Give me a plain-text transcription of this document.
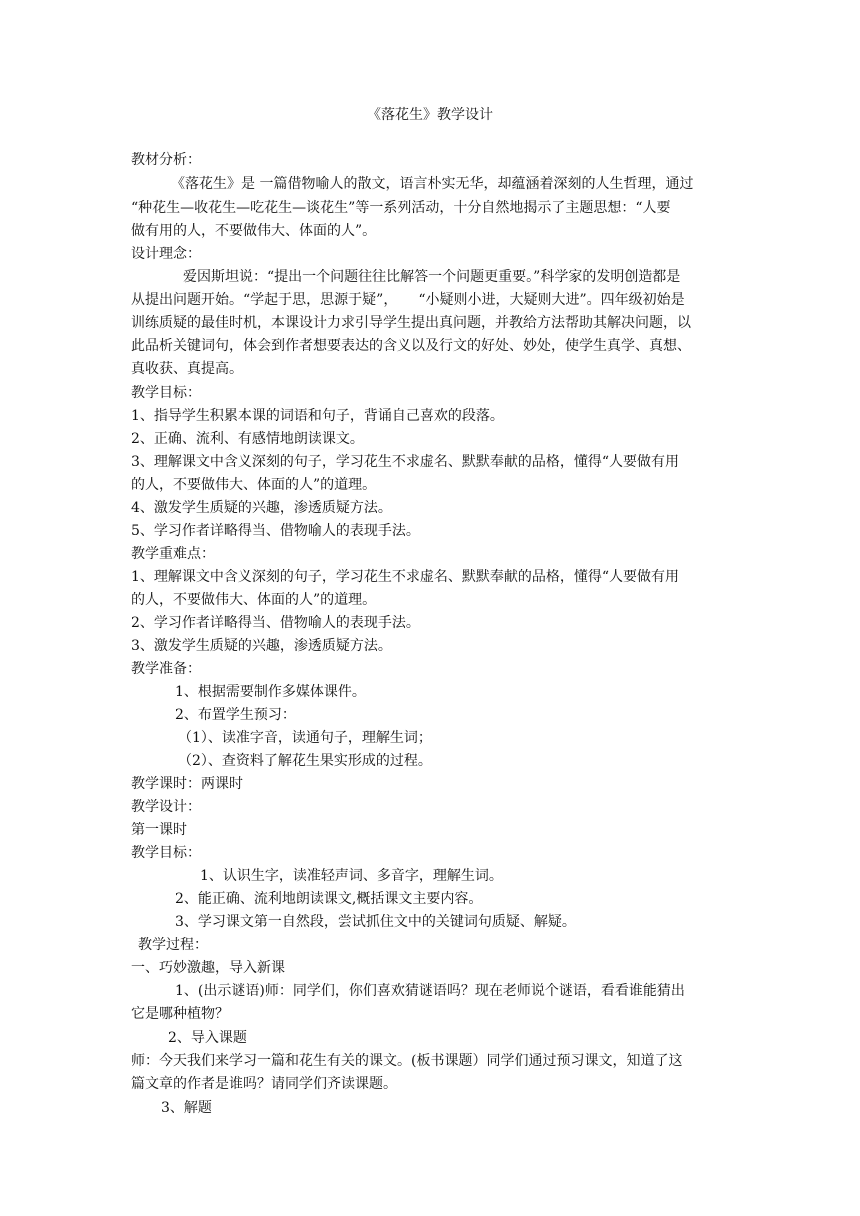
《落花生》教学设计
教材分析：
《落花生》是 一篇借物喻人的散文，语言朴实无华，却蕴涵着深刻的人生哲理，通过
“种花生—收花生—吃花生—谈花生”等一系列活动，十分自然地揭示了主题思想：“人要
做有用的人，不要做伟大、体面的人”。
设计理念：
爱因斯坦说：“提出一个问题往往比解答一个问题更重要。”科学家的发明创造都是
从提出问题开始。“学起于思，思源于疑”，　　“小疑则小进，大疑则大进”。四年级初始是
训练质疑的最佳时机，本课设计力求引导学生提出真问题，并教给方法帮助其解决问题，以
此品析关键词句，体会到作者想要表达的含义以及行文的好处、妙处，使学生真学、真想、
真收获、真提高。
教学目标：
1、指导学生积累本课的词语和句子，背诵自己喜欢的段落。
2、正确、流利、有感情地朗读课文。
3、理解课文中含义深刻的句子，学习花生不求虚名、默默奉献的品格，懂得“人要做有用
的人，不要做伟大、体面的人”的道理。
4、激发学生质疑的兴趣，渗透质疑方法。
5、学习作者详略得当、借物喻人的表现手法。
教学重难点：
1、理解课文中含义深刻的句子，学习花生不求虚名、默默奉献的品格，懂得“人要做有用
的人，不要做伟大、体面的人”的道理。
2、学习作者详略得当、借物喻人的表现手法。
3、激发学生质疑的兴趣，渗透质疑方法。
教学准备：
1、根据需要制作多媒体课件。
2、布置学生预习：
（1）、读准字音，读通句子，理解生词；
（2）、查资料了解花生果实形成的过程。
教学课时：两课时
教学设计：
第一课时
教学目标：
1、认识生字，读准轻声词、多音字，理解生词。
2、能正确、流利地朗读课文,概括课文主要内容。
3、学习课文第一自然段，尝试抓住文中的关键词句质疑、解疑。
教学过程：
一、巧妙激趣，导入新课
1、(出示谜语)师：同学们，你们喜欢猜谜语吗？现在老师说个谜语，看看谁能猜出
它是哪种植物？
2、导入课题
师：今天我们来学习一篇和花生有关的课文。(板书课题）同学们通过预习课文，知道了这
篇文章的作者是谁吗？请同学们齐读课题。
3、解题
